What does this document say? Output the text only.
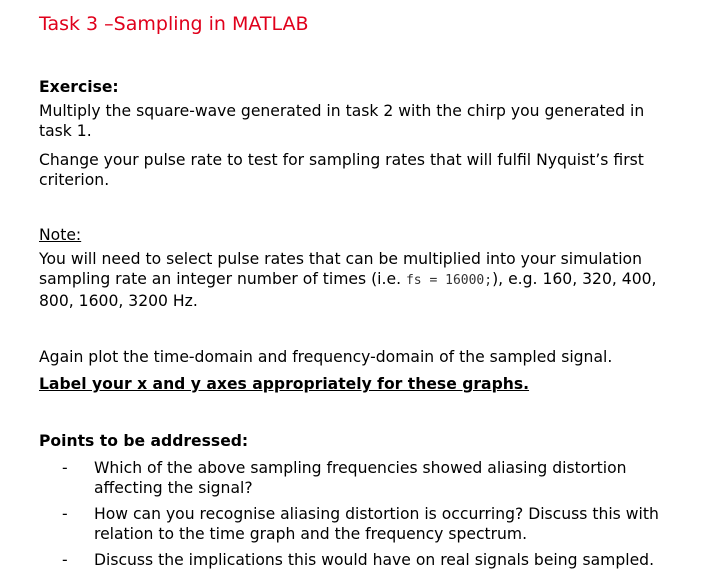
Task 3 –Sampling in MATLAB
Exercise:
Multiply the square-wave generated in task 2 with the chirp you generated in task 1.
Change your pulse rate to test for sampling rates that will fulfil Nyquist’s first criterion.
Note:
You will need to select pulse rates that can be multiplied into your simulation sampling rate an integer number of times (i.e. fs = 16000;), e.g. 160, 320, 400, 800, 1600, 3200 Hz.
Again plot the time-domain and frequency-domain of the sampled signal.
Label your x and y axes appropriately for these graphs.
Points to be addressed:
- Which of the above sampling frequencies showed aliasing distortion affecting the signal?
- How can you recognise aliasing distortion is occurring? Discuss this with relation to the time graph and the frequency spectrum.
- Discuss the implications this would have on real signals being sampled.
